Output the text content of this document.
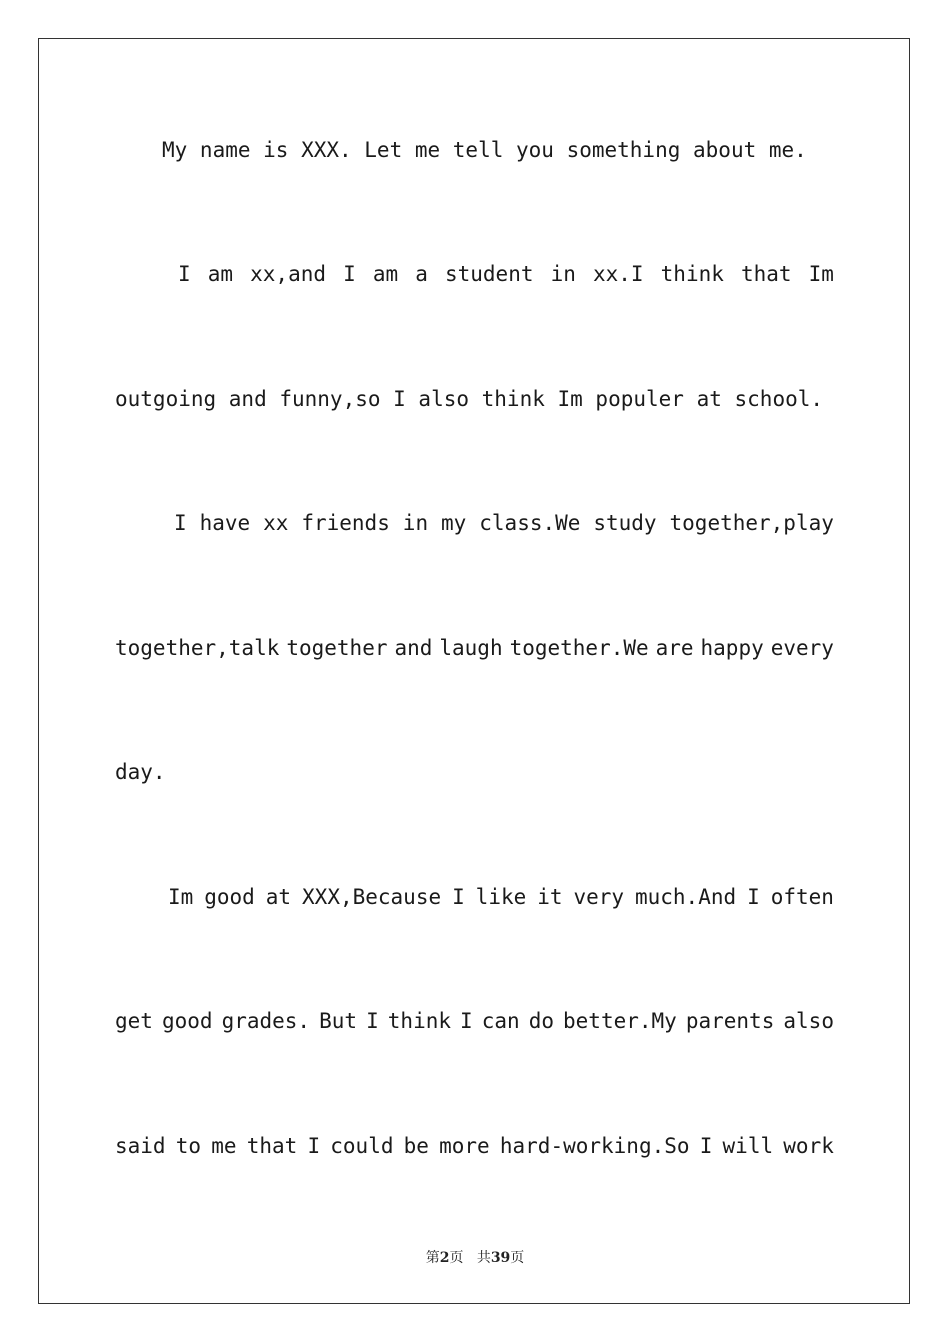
My name is XXX. Let me tell you something about me.

I am xx,and I am a student in xx.I think that Im

outgoing and funny,so I also think Im populer at school.

I have xx friends in my class.We study together,play

together,talk together and laugh together.We are happy every

day.

Im good at XXX,Because I like it very much.And I often

get good grades. But I think I can do better.My parents also

said to me that I could be more hard-working.So I will work

第2页 共39页
